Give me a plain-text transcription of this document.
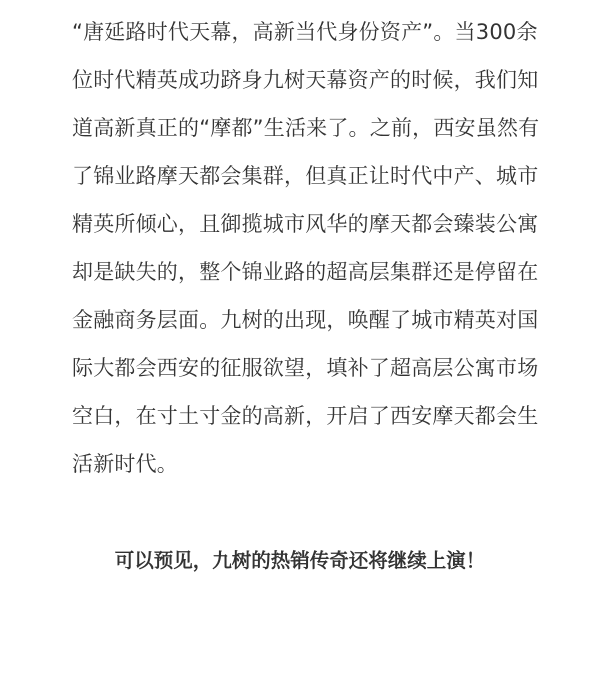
“唐延路时代天幕，高新当代身份资产”。当300余
位时代精英成功跻身九树天幕资产的时候，我们知
道高新真正的“摩都”生活来了。之前，西安虽然有
了锦业路摩天都会集群，但真正让时代中产、城市
精英所倾心，且御揽城市风华的摩天都会臻装公寓
却是缺失的，整个锦业路的超高层集群还是停留在
金融商务层面。九树的出现，唤醒了城市精英对国
际大都会西安的征服欲望，填补了超高层公寓市场
空白，在寸土寸金的高新，开启了西安摩天都会生
活新时代。
可以预见，九树的热销传奇还将继续上演！
